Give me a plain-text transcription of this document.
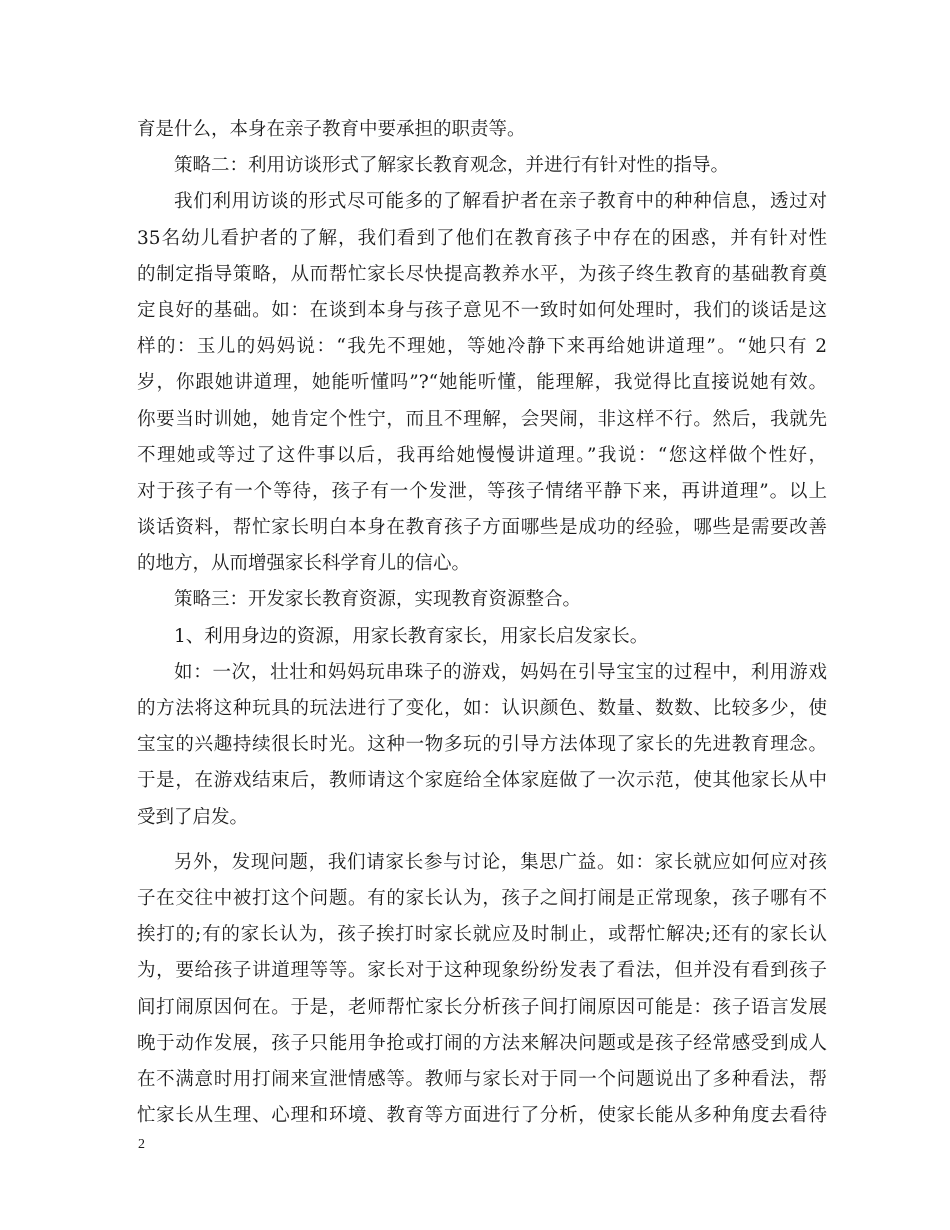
育是什么，本身在亲子教育中要承担的职责等。
策略二：利用访谈形式了解家长教育观念，并进行有针对性的指导。
我们利用访谈的形式尽可能多的了解看护者在亲子教育中的种种信息，透过对
35名幼儿看护者的了解，我们看到了他们在教育孩子中存在的困惑，并有针对性
的制定指导策略，从而帮忙家长尽快提高教养水平，为孩子终生教育的基础教育奠
定良好的基础。如：在谈到本身与孩子意见不一致时如何处理时，我们的谈话是这
样的：玉儿的妈妈说：“我先不理她，等她冷静下来再给她讲道理”。“她只有 2
岁，你跟她讲道理，她能听懂吗”?“她能听懂，能理解，我觉得比直接说她有效。
你要当时训她，她肯定个性宁，而且不理解，会哭闹，非这样不行。然后，我就先
不理她或等过了这件事以后，我再给她慢慢讲道理。”我说：“您这样做个性好，
对于孩子有一个等待，孩子有一个发泄，等孩子情绪平静下来，再讲道理”。以上
谈话资料，帮忙家长明白本身在教育孩子方面哪些是成功的经验，哪些是需要改善
的地方，从而增强家长科学育儿的信心。
策略三：开发家长教育资源，实现教育资源整合。
1、利用身边的资源，用家长教育家长，用家长启发家长。
如：一次，壮壮和妈妈玩串珠子的游戏，妈妈在引导宝宝的过程中，利用游戏
的方法将这种玩具的玩法进行了变化，如：认识颜色、数量、数数、比较多少，使
宝宝的兴趣持续很长时光。这种一物多玩的引导方法体现了家长的先进教育理念。
于是，在游戏结束后，教师请这个家庭给全体家庭做了一次示范，使其他家长从中
受到了启发。
另外，发现问题，我们请家长参与讨论，集思广益。如：家长就应如何应对孩
子在交往中被打这个问题。有的家长认为，孩子之间打闹是正常现象，孩子哪有不
挨打的;有的家长认为，孩子挨打时家长就应及时制止，或帮忙解决;还有的家长认
为，要给孩子讲道理等等。家长对于这种现象纷纷发表了看法，但并没有看到孩子
间打闹原因何在。于是，老师帮忙家长分析孩子间打闹原因可能是：孩子语言发展
晚于动作发展，孩子只能用争抢或打闹的方法来解决问题或是孩子经常感受到成人
在不满意时用打闹来宣泄情感等。教师与家长对于同一个问题说出了多种看法，帮
忙家长从生理、心理和环境、教育等方面进行了分析，使家长能从多种角度去看待
2
